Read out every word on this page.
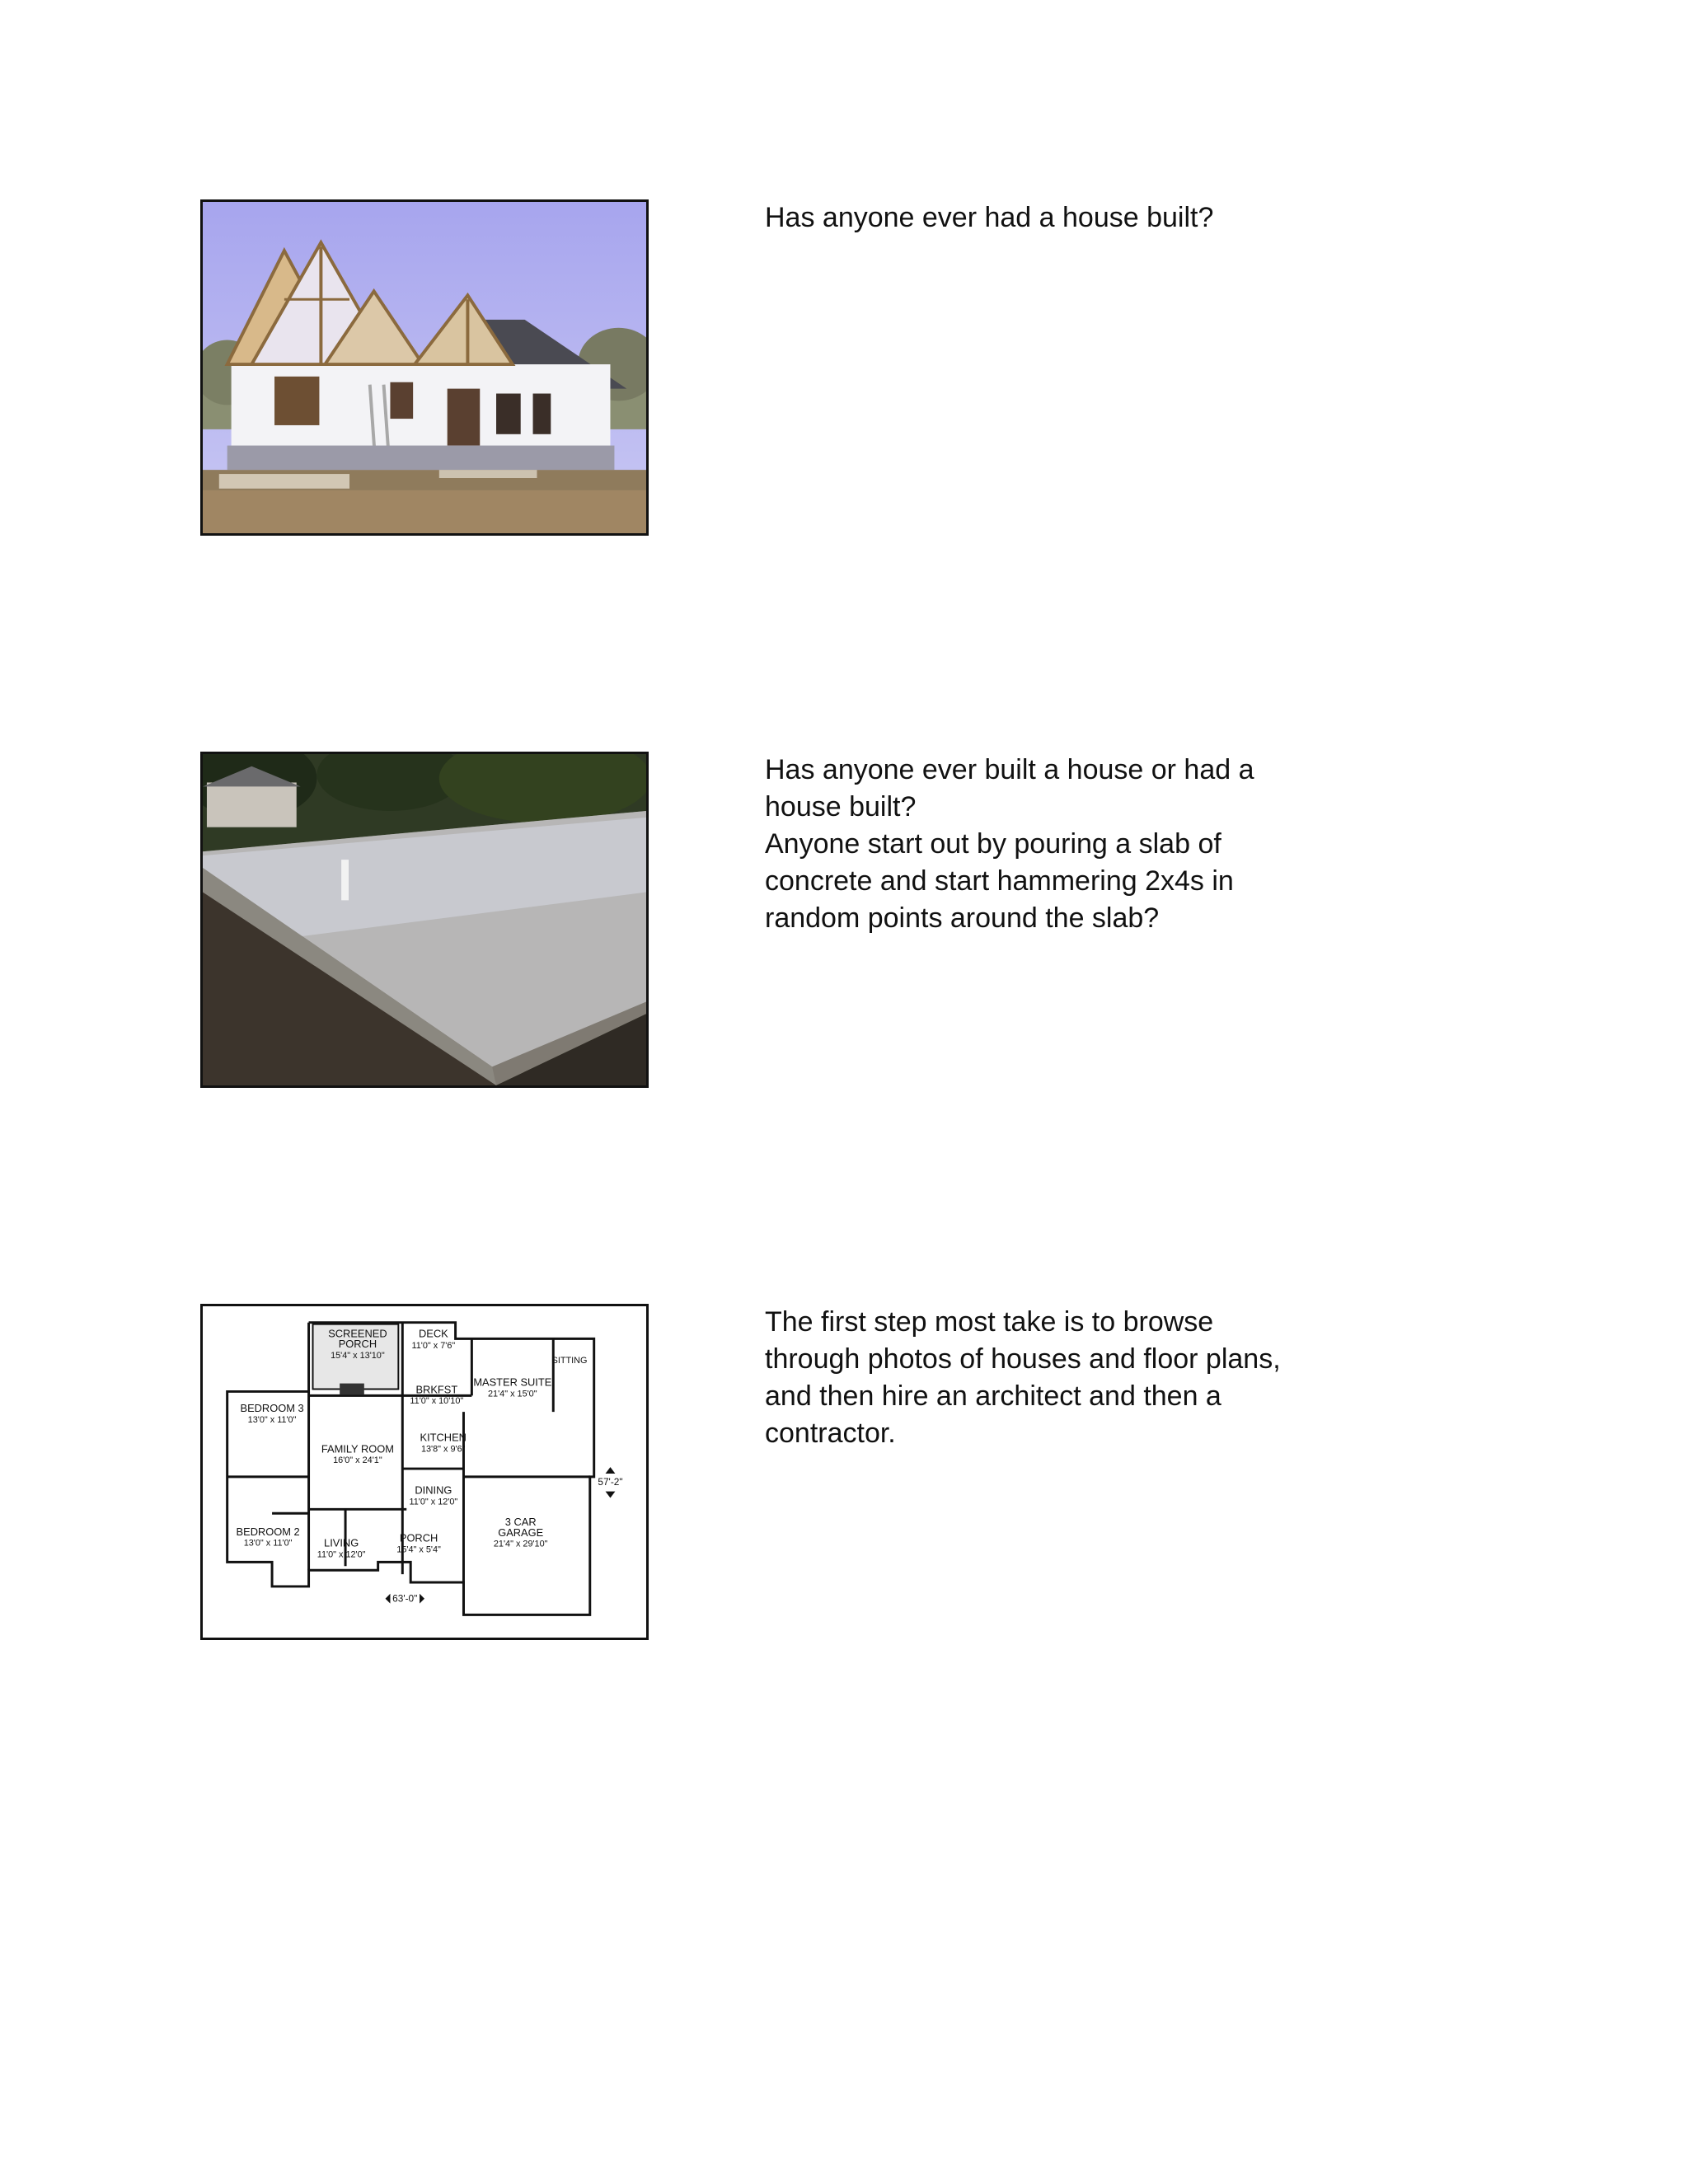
Has anyone ever had a house built?

Has anyone ever built a house or had a house built?

Anyone start out by pouring a slab of concrete and start hammering 2x4s in random points around the slab?

SCREENED
PORCH
15'4" x 13'10"
DECK
11'0" x 7'6"
SITTING
MASTER SUITE
21'4" x 15'0"
BRKFST
11'0" x 10'10"
BEDROOM 3
13'0" x 11'0"
KITCHEN
13'8" x 9'6"
FAMILY ROOM
16'0" x 24'1"
DINING
11'0" x 12'0"
BEDROOM 2
13'0" x 11'0"	LIVING
11'0" x 12'0"
PORCH
15'4" x 5'4"
3 CAR
GARAGE
21'4" x 29'10"
63'-0"
57'-2"

The first step most take is to browse through photos of houses and floor plans, and then hire an architect and then a contractor.
